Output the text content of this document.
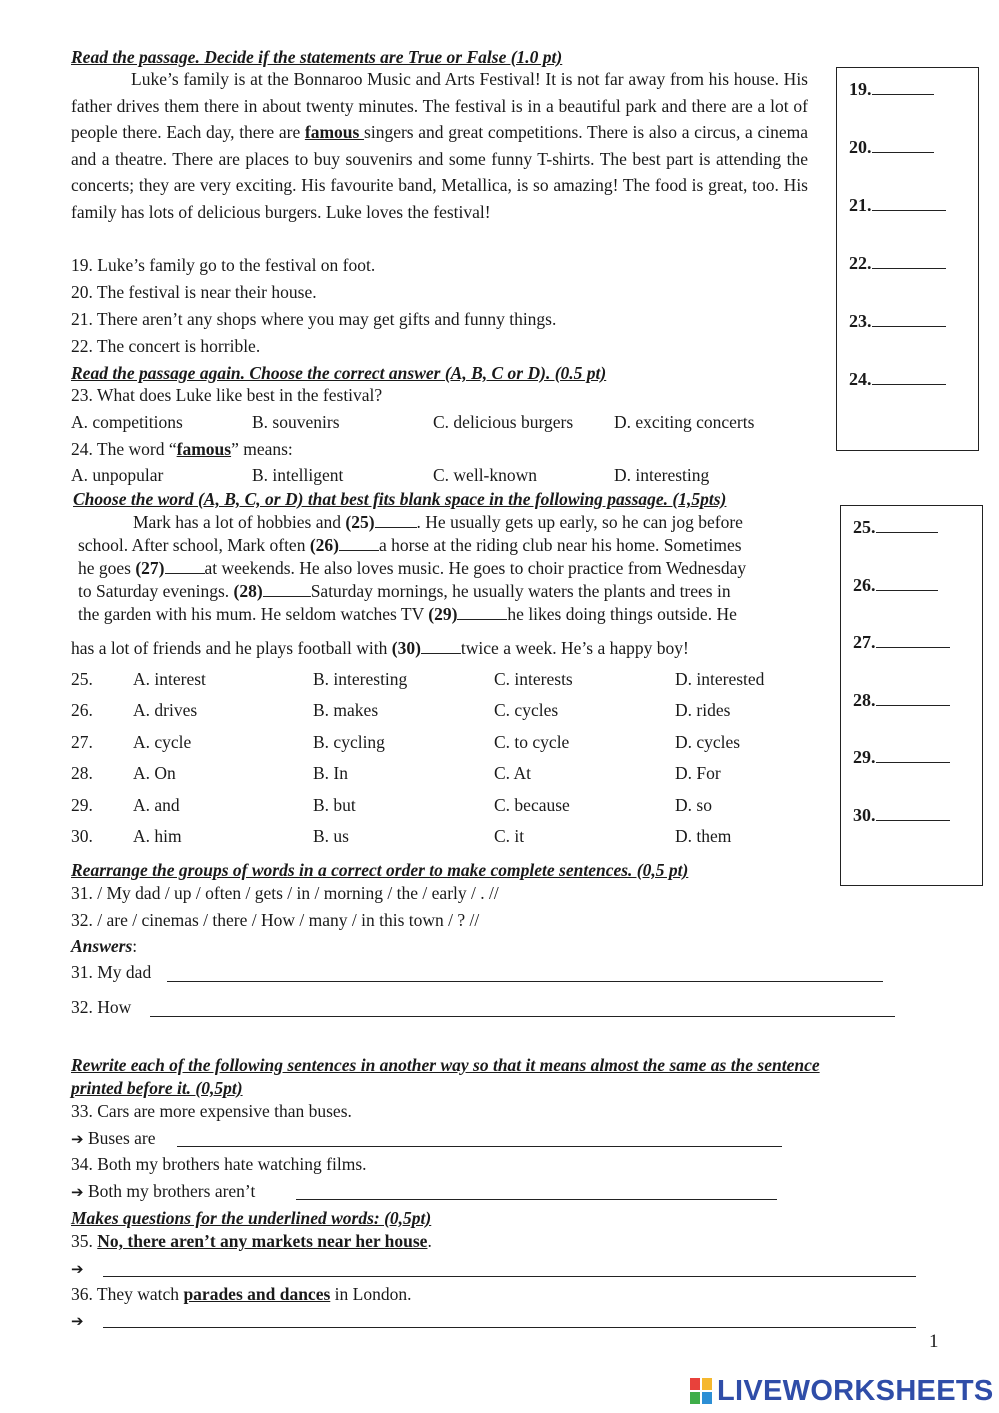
Read the passage. Decide if the statements are True or False (1.0 pt)
Luke’s family is at the Bonnaroo Music and Arts Festival! It is not far away from his house. His father drives them there in about twenty minutes. The festival is in a beautiful park and there are a lot of people there. Each day, there are famous singers and great competitions. There is also a circus, a cinema and a theatre. There are places to buy souvenirs and some funny T-shirts. The best part is attending the concerts; they are very exciting. His favourite band, Metallica, is so amazing! The food is great, too. His family has lots of delicious burgers. Luke loves the festival!
19. Luke’s family go to the festival on foot.
20. The festival is near their house.
21. There aren’t any shops where you may get gifts and funny things.
22. The concert is horrible.
19.
20.
21.
22.
23.
24.
Read the passage again. Choose the correct answer (A, B, C or D). (0.5 pt)
23. What does Luke like best in the festival?
A. competitions	B. souvenirs	C. delicious burgers D. exciting concerts
24. The word “famous” means:
A. unpopular	B. intelligent	C. well-known	D. interesting
Choose the word (A, B, C, or D) that best fits blank space in the following passage. (1,5pts)
Mark has a lot of hobbies and (25) . He usually gets up early, so he can jog before
school. After school, Mark often (26) a horse at the riding club near his home. Sometimes
he goes (27) at weekends. He also loves music. He goes to choir practice from Wednesday
to Saturday evenings. (28)	Saturday mornings, he usually waters the plants and trees in
the garden with his mum. He seldom watches TV (29)	he likes doing things outside. He
has a lot of friends and he plays football with (30) twice a week. He’s a happy boy!
25. A. interest	B. interesting	C. interests	D. interested
26. A. drives	B. makes	C. cycles	D. rides
27. A. cycle	B. cycling	C. to cycle	D. cycles
28. A. On	B. In	C. At	D. For
29. A. and	B. but	C. because	D. so
30. A. him	B. us	C. it	D. them
25.
26.
27.
28.
29.
30.
Rearrange the groups of words in a correct order to make complete sentences. (0,5 pt)
31. / My dad / up / often / gets / in / morning / the / early / . //
32. / are / cinemas / there / How / many / in this town / ? //
Answers:
31. My dad
32. How
Rewrite each of the following sentences in another way so that it means almost the same as the sentence
printed before it. (0,5pt)
33. Cars are more expensive than buses.
➔ Buses are
34. Both my brothers hate watching films.
➔ Both my brothers aren’t
Makes questions for the underlined words: (0,5pt)
35. No, there aren’t any markets near her house.
➔
36. They watch parades and dances in London.
➔
1
LIVEWORKSHEETS
